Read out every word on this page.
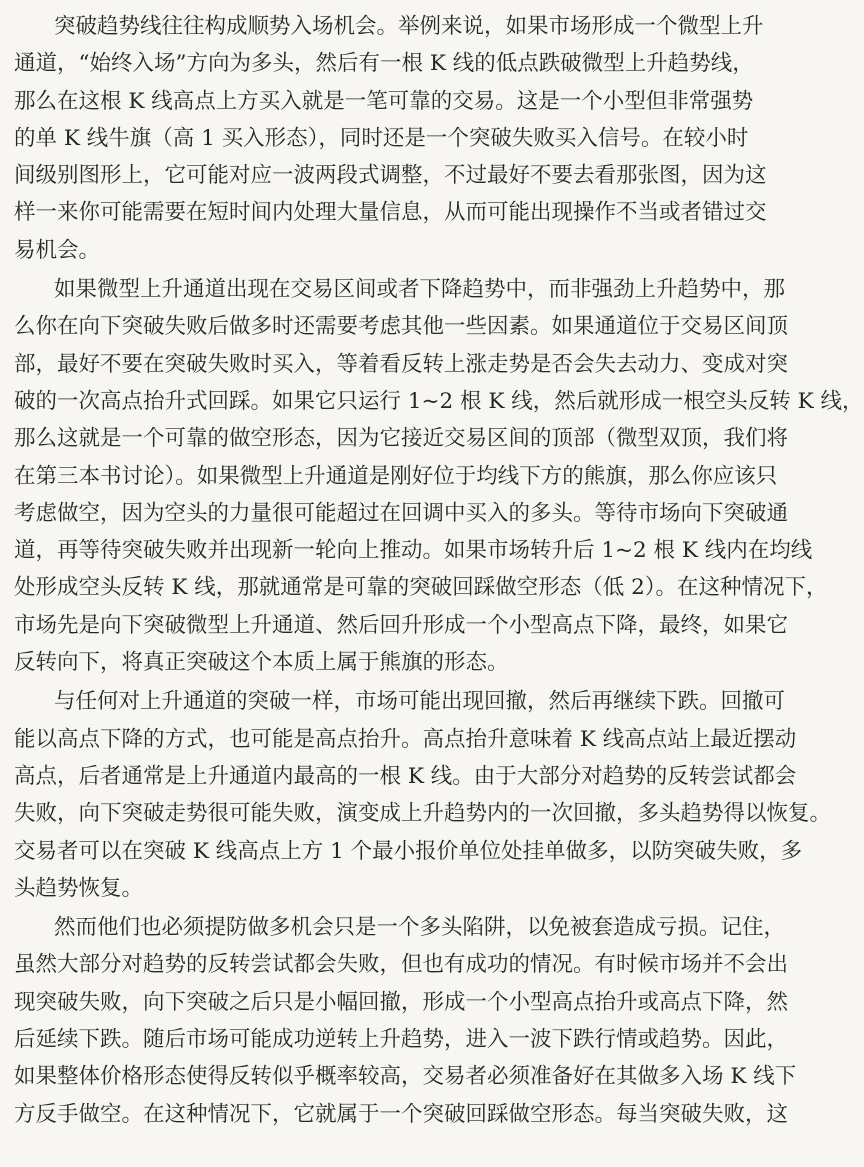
突破趋势线往往构成顺势入场机会。举例来说，如果市场形成一个微型上升
通道，“始终入场”方向为多头，然后有一根 K 线的低点跌破微型上升趋势线，
那么在这根 K 线高点上方买入就是一笔可靠的交易。这是一个小型但非常强势
的单 K 线牛旗（高 1 买入形态），同时还是一个突破失败买入信号。在较小时
间级别图形上，它可能对应一波两段式调整，不过最好不要去看那张图，因为这
样一来你可能需要在短时间内处理大量信息，从而可能出现操作不当或者错过交
易机会。
如果微型上升通道出现在交易区间或者下降趋势中，而非强劲上升趋势中，那
么你在向下突破失败后做多时还需要考虑其他一些因素。如果通道位于交易区间顶
部，最好不要在突破失败时买入，等着看反转上涨走势是否会失去动力、变成对突
破的一次高点抬升式回踩。如果它只运行 1~2 根 K 线，然后就形成一根空头反转 K 线，
那么这就是一个可靠的做空形态，因为它接近交易区间的顶部（微型双顶，我们将
在第三本书讨论）。如果微型上升通道是刚好位于均线下方的熊旗，那么你应该只
考虑做空，因为空头的力量很可能超过在回调中买入的多头。等待市场向下突破通
道，再等待突破失败并出现新一轮向上推动。如果市场转升后 1~2 根 K 线内在均线
处形成空头反转 K 线，那就通常是可靠的突破回踩做空形态（低 2）。在这种情况下，
市场先是向下突破微型上升通道、然后回升形成一个小型高点下降，最终，如果它
反转向下，将真正突破这个本质上属于熊旗的形态。
与任何对上升通道的突破一样，市场可能出现回撤，然后再继续下跌。回撤可
能以高点下降的方式，也可能是高点抬升。高点抬升意味着 K 线高点站上最近摆动
高点，后者通常是上升通道内最高的一根 K 线。由于大部分对趋势的反转尝试都会
失败，向下突破走势很可能失败，演变成上升趋势内的一次回撤，多头趋势得以恢复。
交易者可以在突破 K 线高点上方 1 个最小报价单位处挂单做多，以防突破失败，多
头趋势恢复。
然而他们也必须提防做多机会只是一个多头陷阱，以免被套造成亏损。记住，
虽然大部分对趋势的反转尝试都会失败，但也有成功的情况。有时候市场并不会出
现突破失败，向下突破之后只是小幅回撤，形成一个小型高点抬升或高点下降，然
后延续下跌。随后市场可能成功逆转上升趋势，进入一波下跌行情或趋势。因此，
如果整体价格形态使得反转似乎概率较高，交易者必须准备好在其做多入场 K 线下
方反手做空。在这种情况下，它就属于一个突破回踩做空形态。每当突破失败，这
